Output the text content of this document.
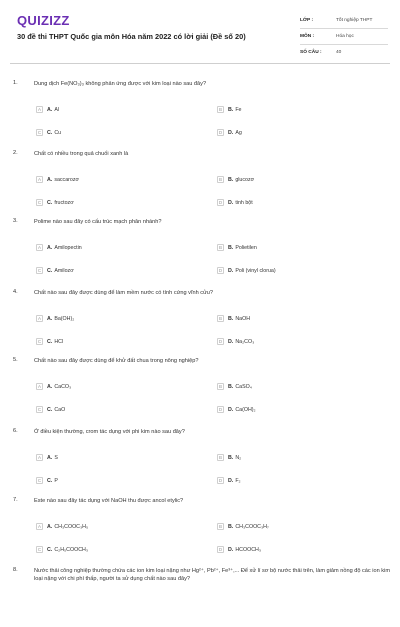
QUIZIZZ
30 đề thi THPT Quốc gia môn Hóa năm 2022 có lời giải (Đề số 20)
LỚP :	Tốt nghiệp THPT
MÔN :	Hóa học
SỐ CÂU :	40
1.	Dung dịch Fe(NO₃)₃ không phản ứng được với kim loại nào sau đây?
A	A. Al	B	B. Fe
C	C. Cu	D	D. Ag
2.	Chất có nhiều trong quả chuối xanh là
A	A. saccarozơ	B	B. glucozơ
C	C. fructozơ	D	D. tinh bột
3.	Polime nào sau đây có cấu trúc mạch phân nhánh?
A	A. Amilopectin	B	B. Polietilen
C	C. Amilozơ	D	D. Poli (vinyl clorua)
4.	Chất nào sau đây được dùng để làm mềm nước có tính cứng vĩnh cửu?
A	A. Ba(OH)₂	B	B. NaOH
C	C. HCl	D	D. Na₂CO₃
5.	Chất nào sau đây được dùng để khử đất chua trong nông nghiệp?
A	A. CaCO₃	B	B. CaSO₄
C	C. CaO	D	D. Ca(OH)₂
6.	Ở điều kiện thường, crom tác dụng với phi kim nào sau đây?
A	A. S	B	B. N₂
C	C. P	D	D. F₂
7.	Este nào sau đây tác dụng với NaOH thu được ancol etylic?
A	A. CH₃COOC₃H₅	B	B. CH₃COOC₃H₇
C	C. C₂H₅COOCH₃	D	D. HCOOCH₃
8.	Nước thải công nghiệp thường chứa các ion kim loại nặng như Hg²⁺, Pb²⁺, Fe³⁺,... Để xử lí sơ bộ nước thải trên, làm giảm nồng độ các ion kim loại nặng với chi phí thấp, người ta sử dụng chất nào sau đây?
